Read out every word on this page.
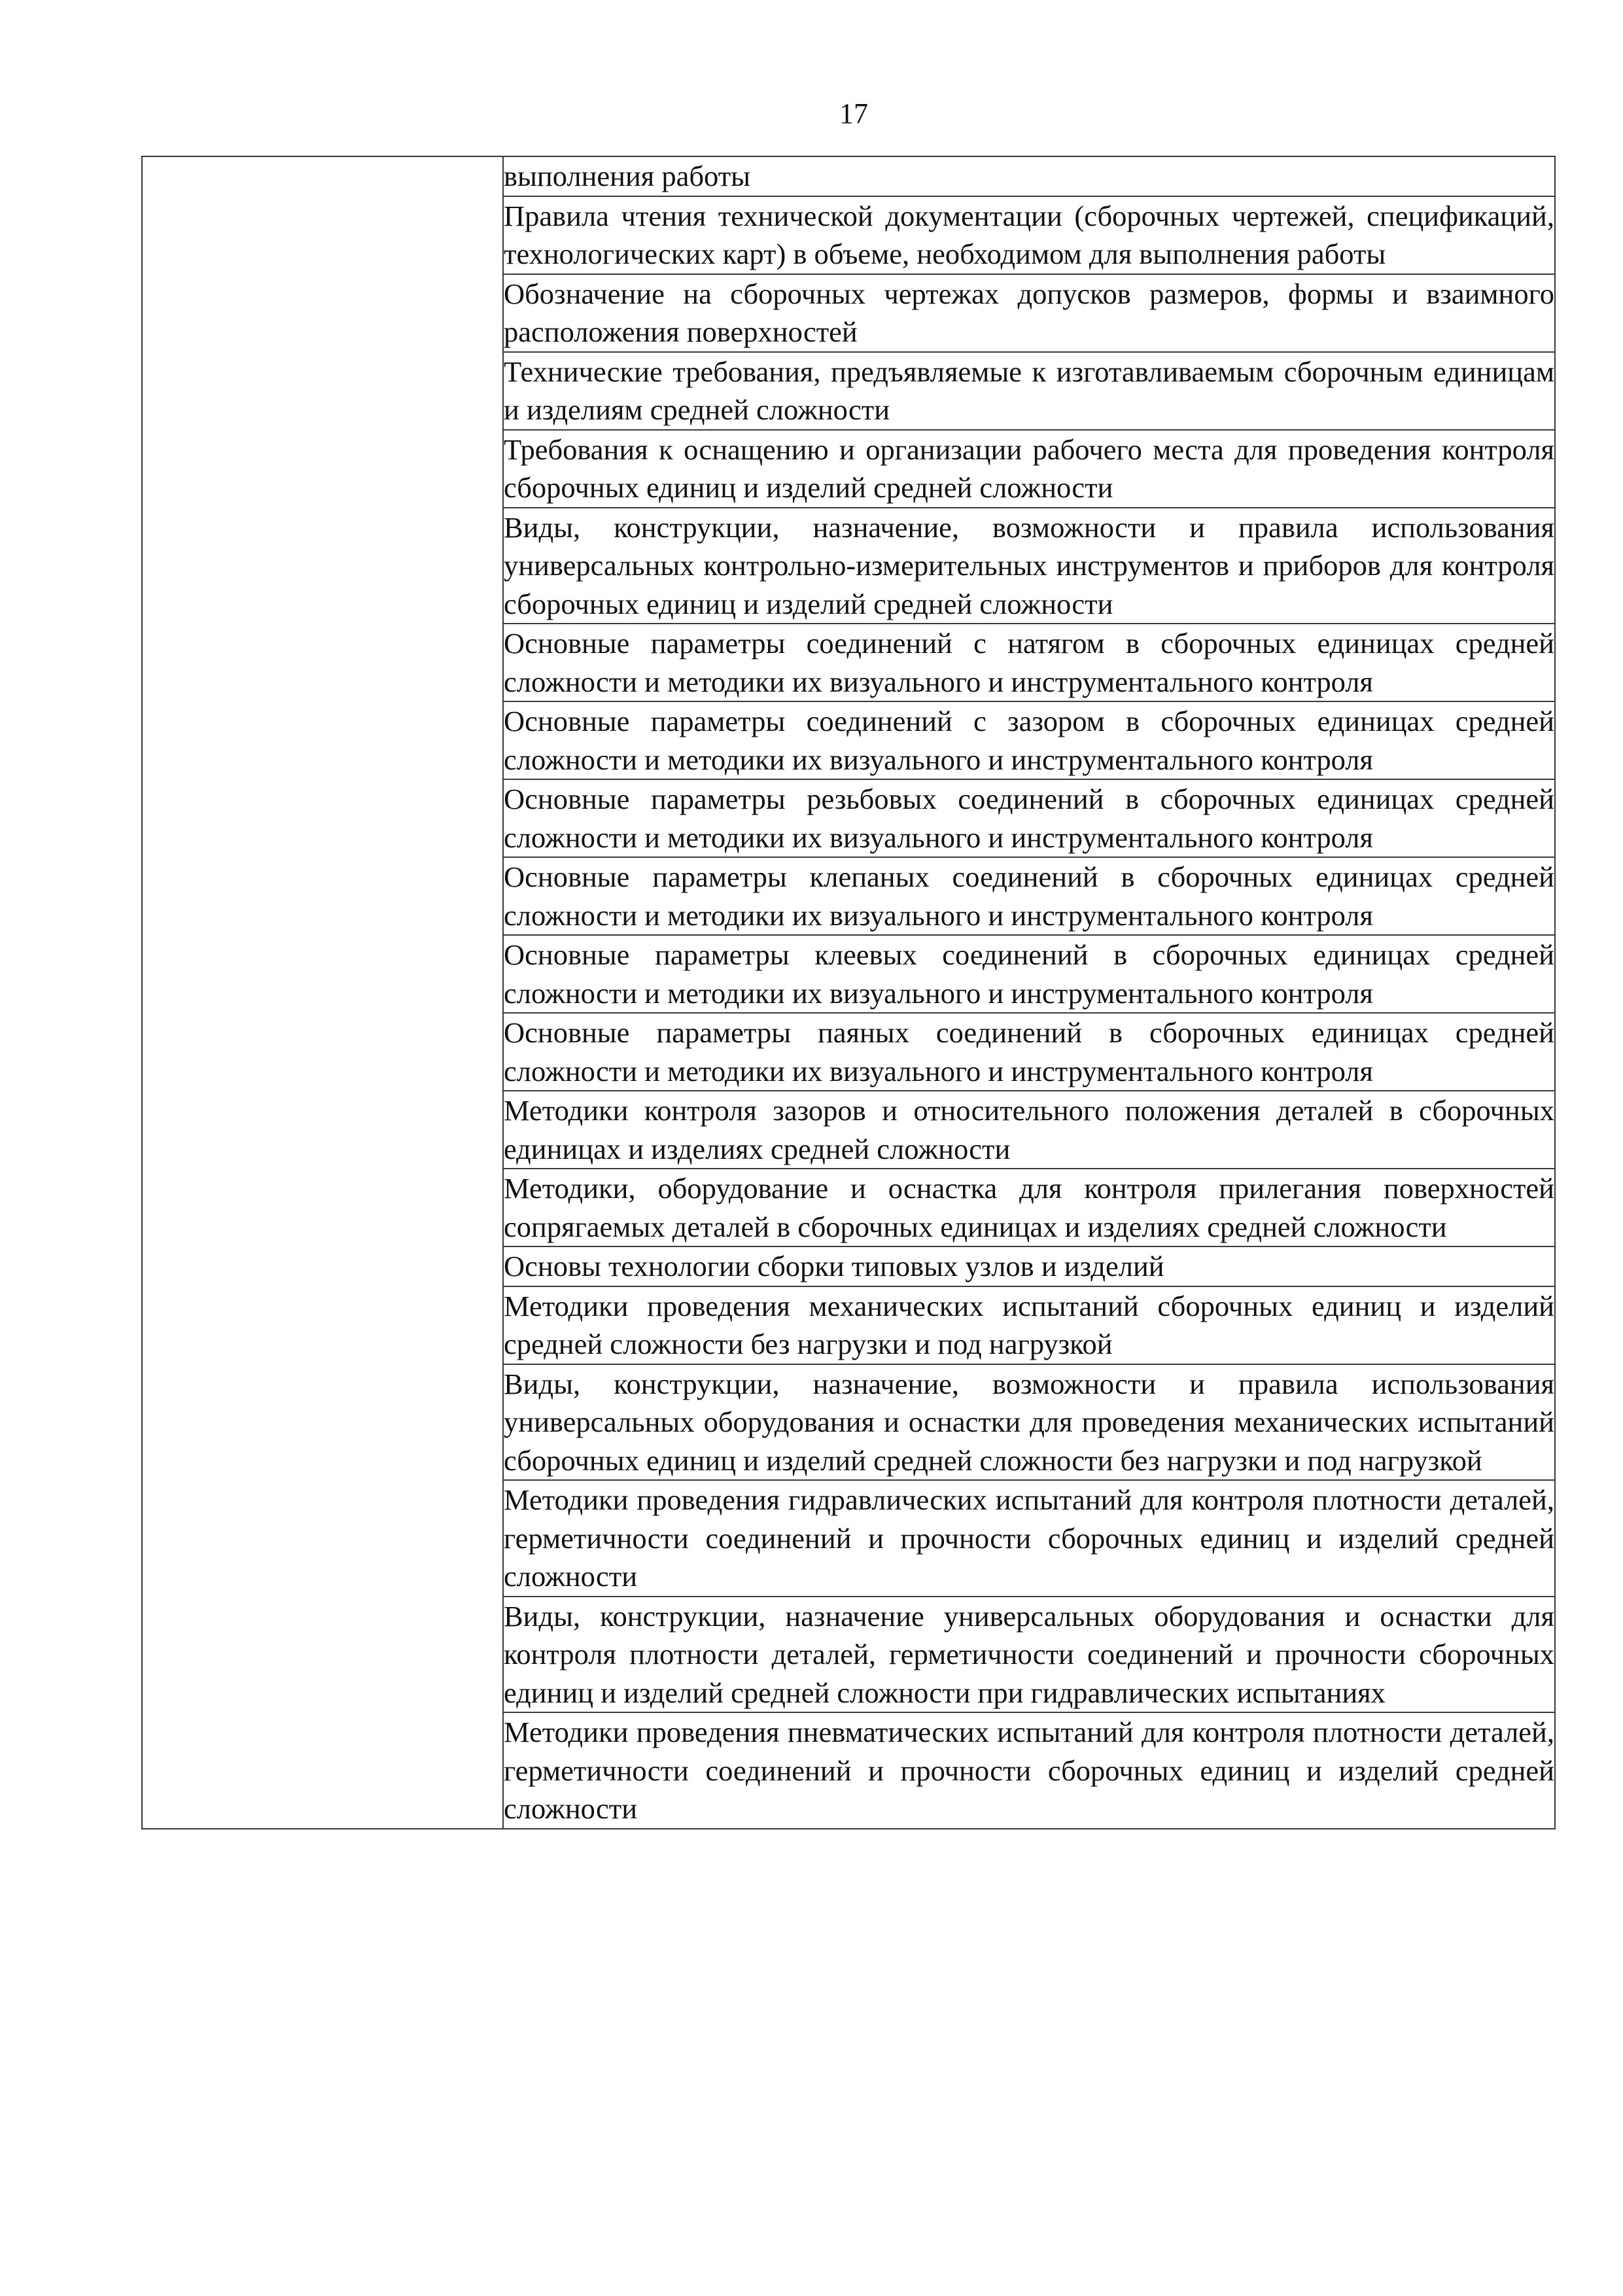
17
	выполнения работы
Правила чтения технической документации (сборочных чертежей, спецификаций, технологических карт) в объеме, необходимом для выполнения работы
Обозначение на сборочных чертежах допусков размеров, формы и взаимного расположения поверхностей
Технические требования, предъявляемые к изготавливаемым сборочным единицам и изделиям средней сложности
Требования к оснащению и организации рабочего места для проведения контроля сборочных единиц и изделий средней сложности
Виды, конструкции, назначение, возможности и правила использования универсальных контрольно-измерительных инструментов и приборов для контроля сборочных единиц и изделий средней сложности
Основные параметры соединений с натягом в сборочных единицах средней сложности и методики их визуального и инструментального контроля
Основные параметры соединений с зазором в сборочных единицах средней сложности и методики их визуального и инструментального контроля
Основные параметры резьбовых соединений в сборочных единицах средней сложности и методики их визуального и инструментального контроля
Основные параметры клепаных соединений в сборочных единицах средней сложности и методики их визуального и инструментального контроля
Основные параметры клеевых соединений в сборочных единицах средней сложности и методики их визуального и инструментального контроля
Основные параметры паяных соединений в сборочных единицах средней сложности и методики их визуального и инструментального контроля
Методики контроля зазоров и относительного положения деталей в сборочных единицах и изделиях средней сложности
Методики, оборудование и оснастка для контроля прилегания поверхностей сопрягаемых деталей в сборочных единицах и изделиях средней сложности
Основы технологии сборки типовых узлов и изделий
Методики проведения механических испытаний сборочных единиц и изделий средней сложности без нагрузки и под нагрузкой
Виды, конструкции, назначение, возможности и правила использования универсальных оборудования и оснастки для проведения механических испытаний сборочных единиц и изделий средней сложности без нагрузки и под нагрузкой
Методики проведения гидравлических испытаний для контроля плотности деталей, герметичности соединений и прочности сборочных единиц и изделий средней сложности
Виды, конструкции, назначение универсальных оборудования и оснастки для контроля плотности деталей, герметичности соединений и прочности сборочных единиц и изделий средней сложности при гидравлических испытаниях
Методики проведения пневматических испытаний для контроля плотности деталей, герметичности соединений и прочности сборочных единиц и изделий средней сложности
